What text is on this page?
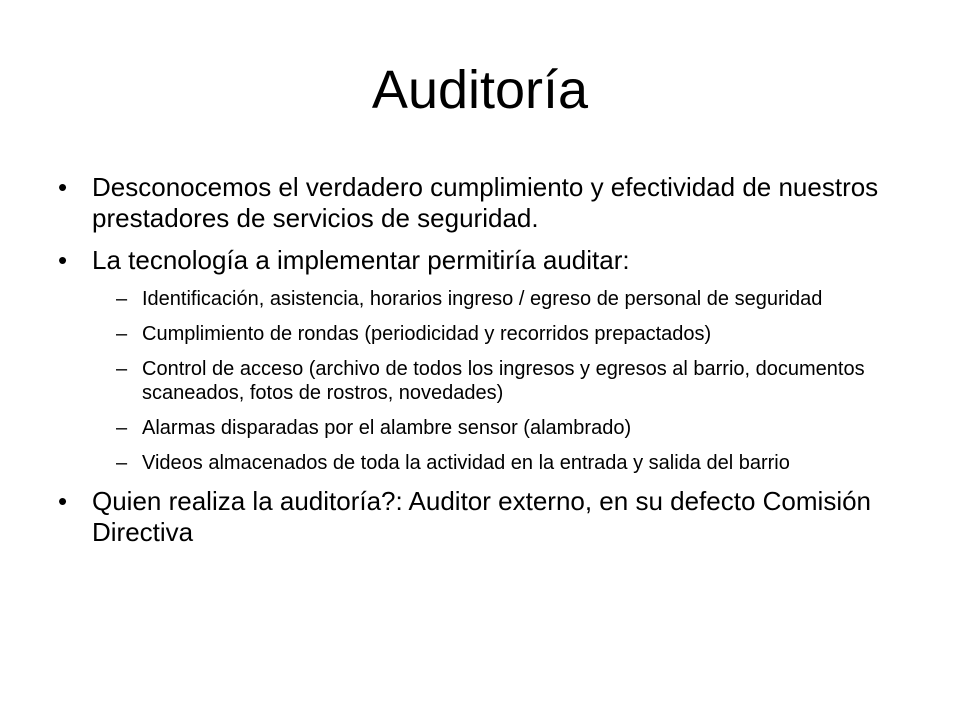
Auditoría
• Desconocemos el verdadero cumplimiento y efectividad de nuestros prestadores de servicios de seguridad.
• La tecnología a implementar permitiría auditar:
– Identificación, asistencia, horarios ingreso / egreso de personal de seguridad
– Cumplimiento de rondas (periodicidad y recorridos prepactados)
– Control de acceso (archivo de todos los ingresos y egresos al barrio, documentos scaneados, fotos de rostros, novedades)
– Alarmas disparadas por el alambre sensor (alambrado)
– Videos almacenados de toda la actividad en la entrada y salida del barrio
• Quien realiza la auditoría?: Auditor externo, en su defecto Comisión Directiva
